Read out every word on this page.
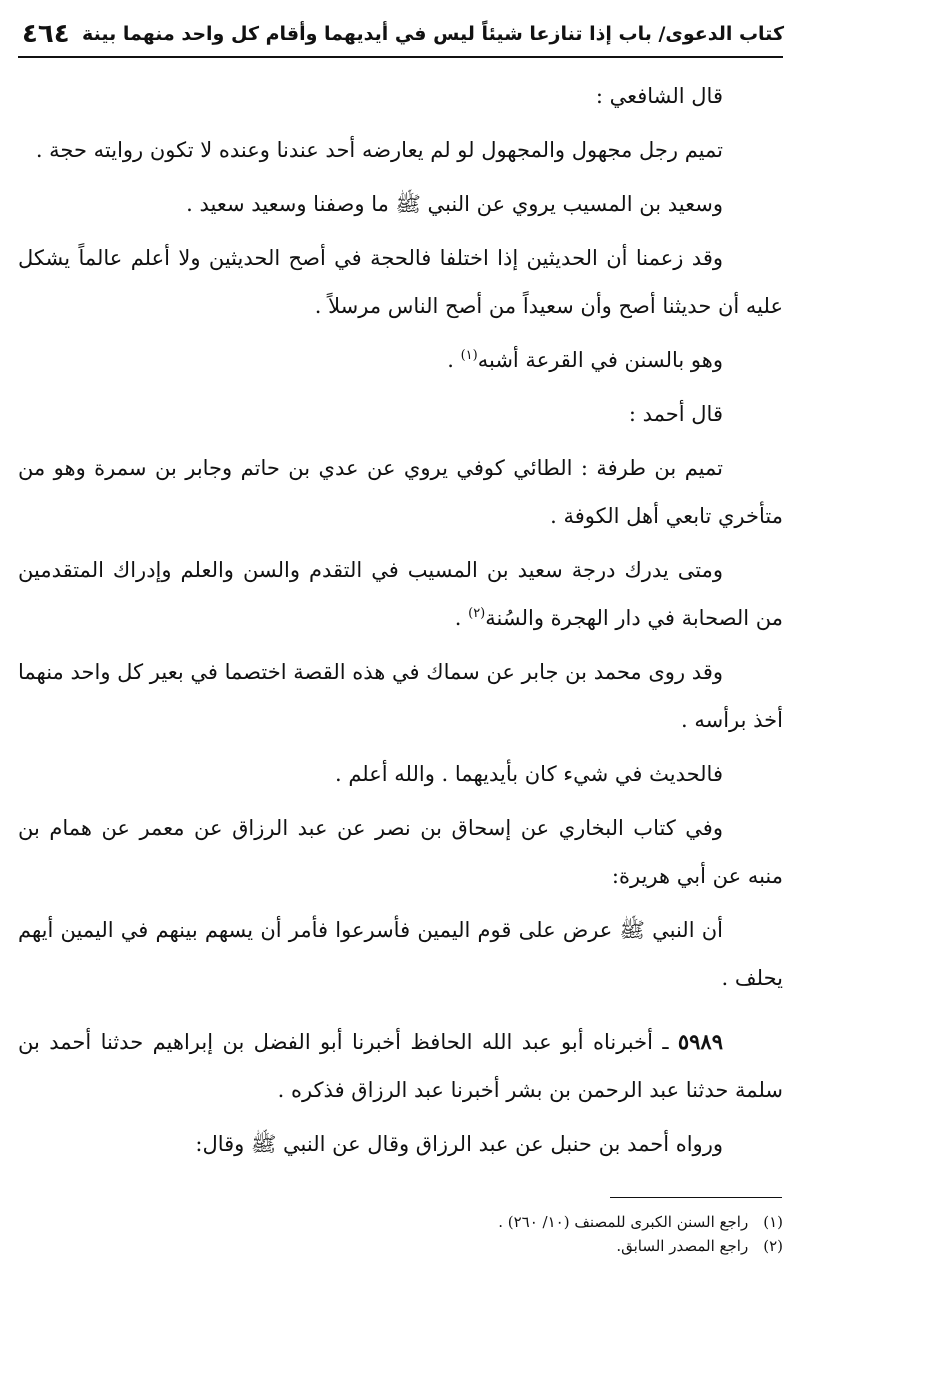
كتاب الدعوى/ باب إذا تنازعا شيئاً ليس في أيديهما وأقام كل واحد منهما بينة
٤٦٤

قال الشافعي :

تميم رجل مجهول والمجهول لو لم يعارضه أحد عندنا وعنده لا تكون روايته حجة .

وسعيد بن المسيب يروي عن النبي ﷺ ما وصفنا وسعيد سعيد .

وقد زعمنا أن الحديثين إذا اختلفا فالحجة في أصح الحديثين ولا أعلم عالماً يشكل عليه أن حديثنا أصح وأن سعيداً من أصح الناس مرسلاً .

وهو بالسنن في القرعة أشبه$^{(١)}$ .

قال أحمد :

تميم بن طرفة : الطائي كوفي يروي عن عدي بن حاتم وجابر بن سمرة وهو من متأخري تابعي أهل الكوفة .

ومتى يدرك درجة سعيد بن المسيب في التقدم والسن والعلم وإدراك المتقدمين من الصحابة في دار الهجرة والسُنة$^{(٢)}$ .

وقد روى محمد بن جابر عن سماك في هذه القصة اختصما في بعير كل واحد منهما أخذ برأسه .

فالحديث في شيء كان بأيديهما . والله أعلم .

وفي كتاب البخاري عن إسحاق بن نصر عن عبد الرزاق عن معمر عن همام بن منبه عن أبي هريرة:

أن النبي ﷺ عرض على قوم اليمين فأسرعوا فأمر أن يسهم بينهم في اليمين أيهم يحلف .

٥٩٨٩ ـ أخبرناه أبو عبد الله الحافظ أخبرنا أبو الفضل بن إبراهيم حدثنا أحمد بن سلمة حدثنا عبد الرحمن بن بشر أخبرنا عبد الرزاق فذكره .

ورواه أحمد بن حنبل عن عبد الرزاق وقال عن النبي ﷺ وقال:

(١) راجع السنن الكبرى للمصنف (١٠/ ٢٦٠) .

(٢) راجع المصدر السابق.
